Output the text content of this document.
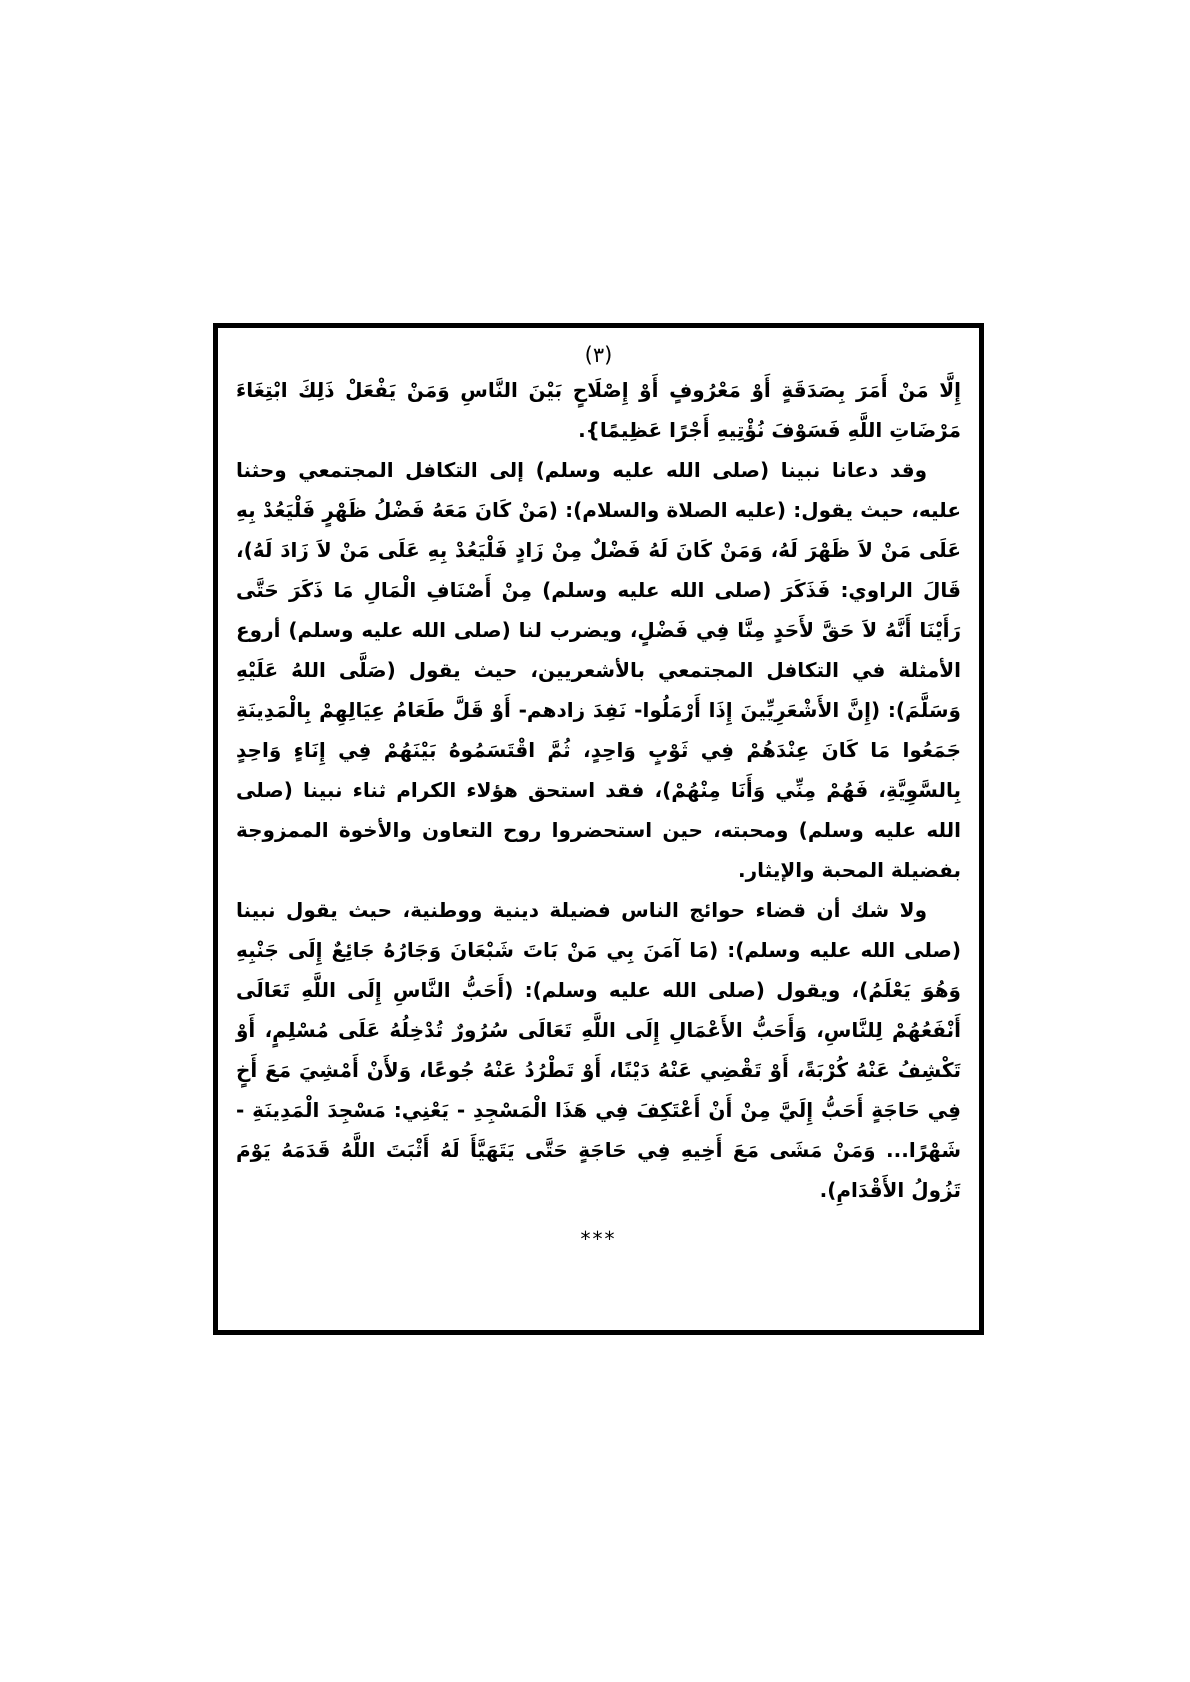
(٣)

إِلَّا مَنْ أَمَرَ بِصَدَقَةٍ أَوْ مَعْرُوفٍ أَوْ إِصْلَاحٍ بَيْنَ النَّاسِ وَمَنْ يَفْعَلْ ذَلِكَ ابْتِغَاءَ مَرْضَاتِ اللَّهِ فَسَوْفَ نُؤْتِيهِ أَجْرًا عَظِيمًا}.

وقد دعانا نبينا (صلى الله عليه وسلم) إلى التكافل المجتمعي وحثنا عليه، حيث يقول: (عليه الصلاة والسلام): (مَنْ كَانَ مَعَهُ فَضْلُ ظَهْرٍ فَلْيَعُدْ بِهِ عَلَى مَنْ لاَ ظَهْرَ لَهُ، وَمَنْ كَانَ لَهُ فَضْلٌ مِنْ زَادٍ فَلْيَعُدْ بِهِ عَلَى مَنْ لاَ زَادَ لَهُ)، قَالَ الراوي: فَذَكَرَ (صلى الله عليه وسلم) مِنْ أَصْنَافِ الْمَالِ مَا ذَكَرَ حَتَّى رَأَيْنَا أَنَّهُ لاَ حَقَّ لأَحَدٍ مِنَّا فِي فَضْلٍ، ويضرب لنا (صلى الله عليه وسلم) أروع الأمثلة في التكافل المجتمعي بالأشعريين، حيث يقول (صَلَّى اللهُ عَلَيْهِ وَسَلَّمَ): (إِنَّ الأَشْعَرِيِّينَ إِذَا أَرْمَلُوا- نَفِدَ زادهم- أَوْ قَلَّ طَعَامُ عِيَالِهِمْ بِالْمَدِينَةِ جَمَعُوا مَا كَانَ عِنْدَهُمْ فِي ثَوْبٍ وَاحِدٍ، ثُمَّ اقْتَسَمُوهُ بَيْنَهُمْ فِي إِنَاءٍ وَاحِدٍ بِالسَّوِيَّةِ، فَهُمْ مِنِّي وَأَنَا مِنْهُمْ)، فقد استحق هؤلاء الكرام ثناء نبينا (صلى الله عليه وسلم) ومحبته، حين استحضروا روح التعاون والأخوة الممزوجة بفضيلة المحبة والإيثار.

ولا شك أن قضاء حوائج الناس فضيلة دينية ووطنية، حيث يقول نبينا (صلى الله عليه وسلم): (مَا آمَنَ بِي مَنْ بَاتَ شَبْعَانَ وَجَارُهُ جَائِعٌ إِلَى جَنْبِهِ وَهُوَ يَعْلَمُ)، ويقول (صلى الله عليه وسلم): (أَحَبُّ النَّاسِ إِلَى اللَّهِ تَعَالَى أَنْفَعُهُمْ لِلنَّاسِ، وَأَحَبُّ الأَعْمَالِ إِلَى اللَّهِ تَعَالَى سُرُورٌ تُدْخِلُهُ عَلَى مُسْلِمٍ، أَوْ تَكْشِفُ عَنْهُ كُرْبَةً، أَوْ تَقْضِي عَنْهُ دَيْنًا، أَوْ تَطْرُدُ عَنْهُ جُوعًا، وَلأَنْ أَمْشِيَ مَعَ أَخٍ فِي حَاجَةٍ أَحَبُّ إِلَيَّ مِنْ أَنْ أَعْتَكِفَ فِي هَذَا الْمَسْجِدِ - يَعْنِي: مَسْجِدَ الْمَدِينَةِ - شَهْرًا... وَمَنْ مَشَى مَعَ أَخِيهِ فِي حَاجَةٍ حَتَّى يَتَهَيَّأَ لَهُ أَثْبَتَ اللَّهُ قَدَمَهُ يَوْمَ تَزُولُ الأَقْدَامِ).

***
